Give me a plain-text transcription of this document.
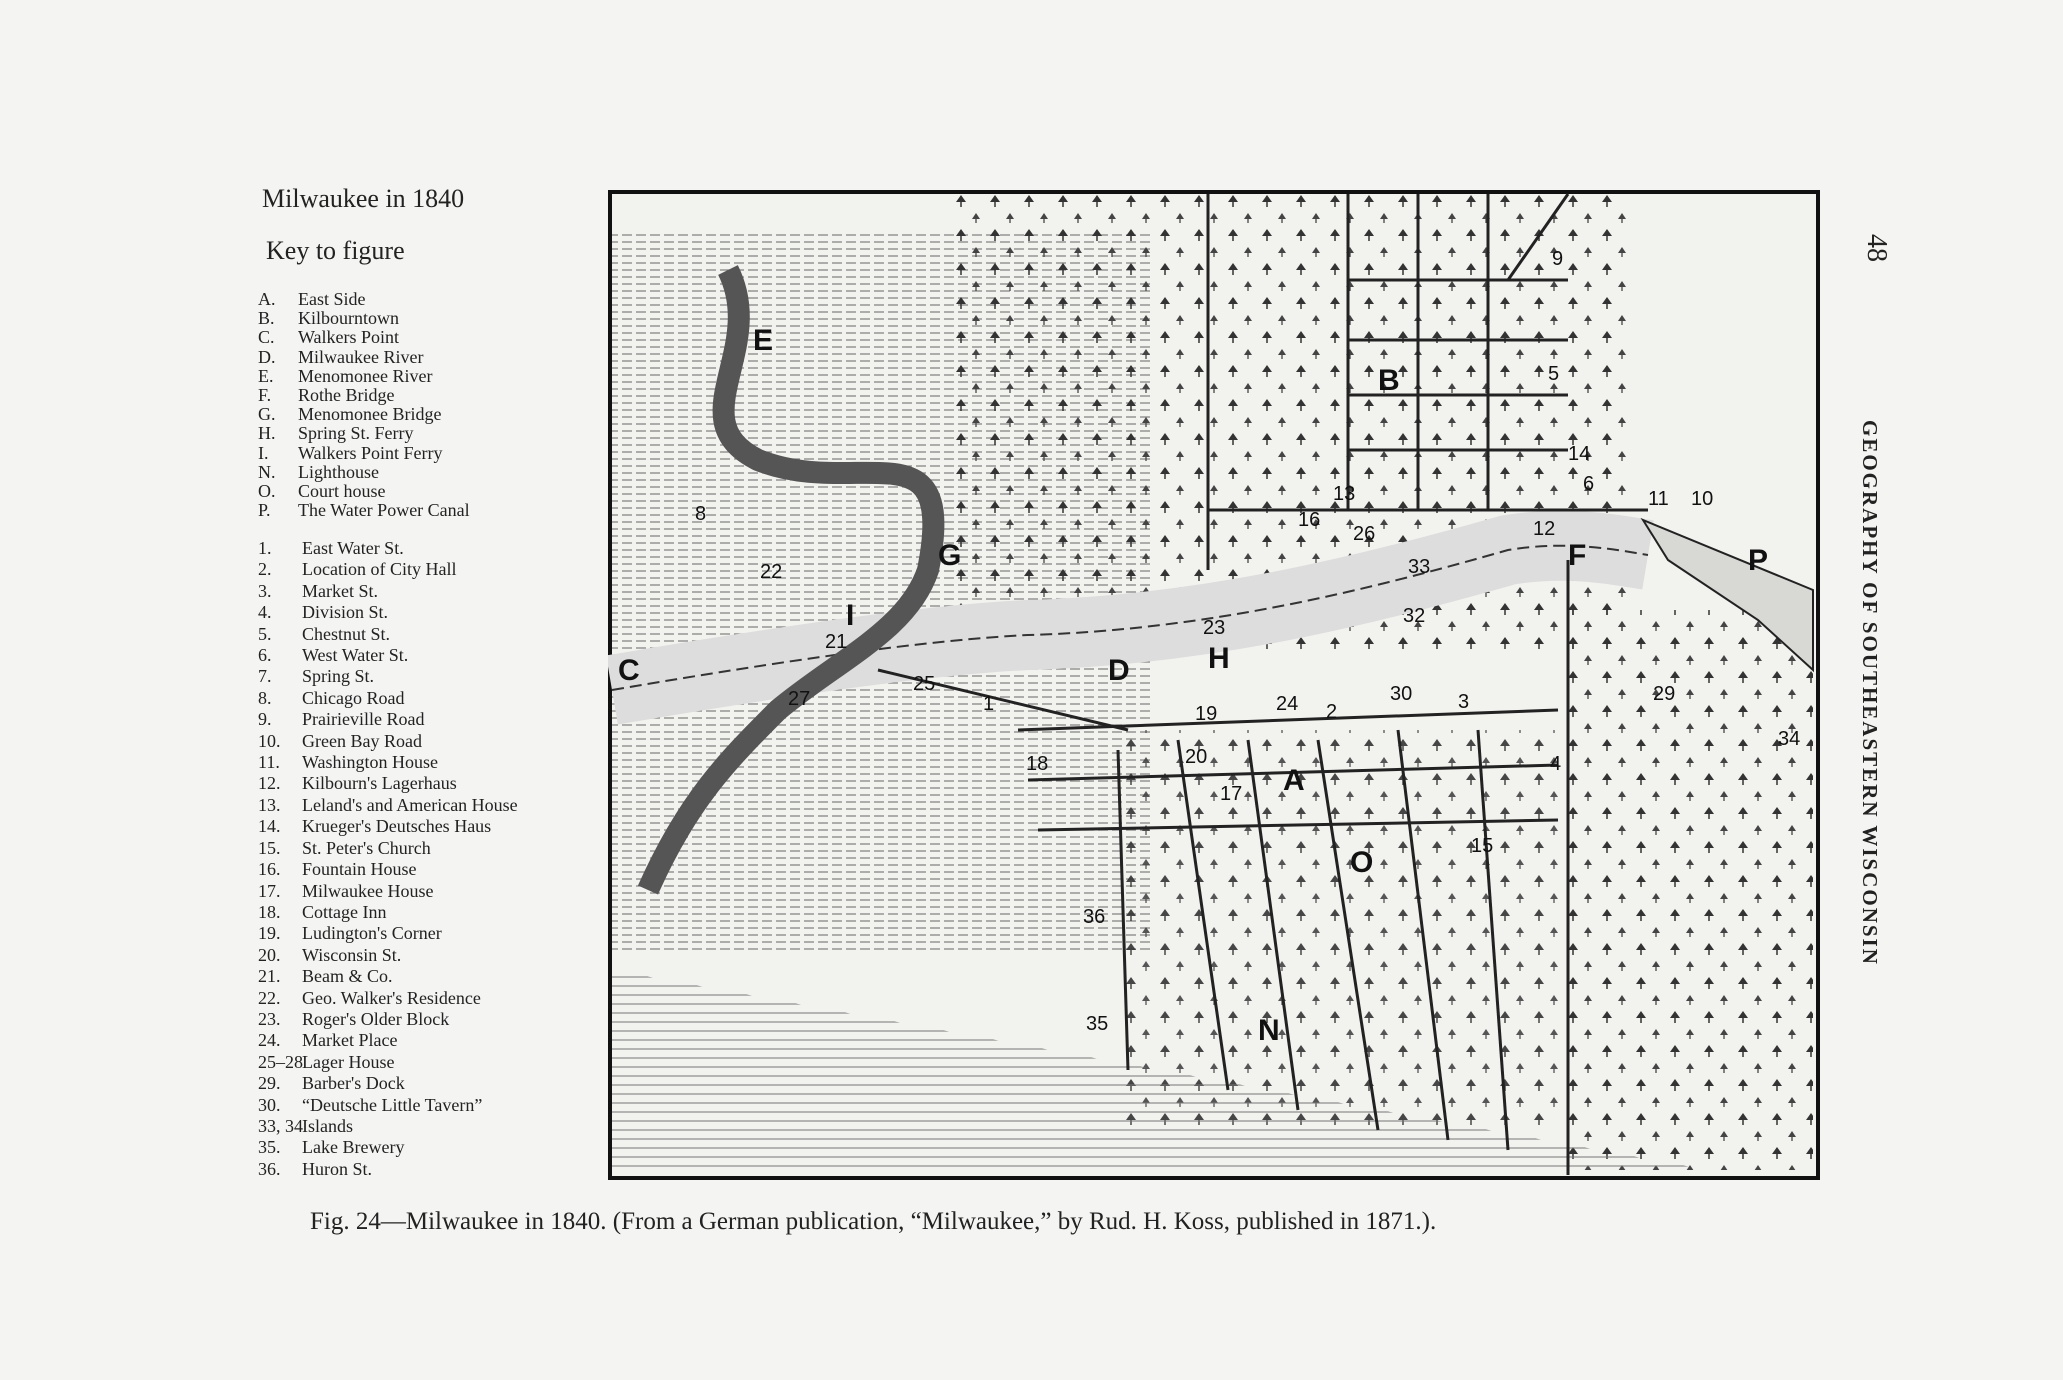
Milwaukee in 1840
Key to figure
A.	East Side
B.	Kilbourntown
C.	Walkers Point
D.	Milwaukee River
E.	Menomonee River
F.	Rothe Bridge
G.	Menomonee Bridge
H.	Spring St. Ferry
I.	Walkers Point Ferry
N.	Lighthouse
O.	Court house
P.	The Water Power Canal
1.	East Water St.
2.	Location of City Hall
3.	Market St.
4.	Division St.
5.	Chestnut St.
6.	West Water St.
7.	Spring St.
8.	Chicago Road
9.	Prairieville Road
10.	Green Bay Road
11.	Washington House
12.	Kilbourn's Lagerhaus
13.	Leland's and American House
14.	Krueger's Deutsches Haus
15.	St. Peter's Church
16.	Fountain House
17.	Milwaukee House
18.	Cottage Inn
19.	Ludington's Corner
20.	Wisconsin St.
21.	Beam & Co.
22.	Geo. Walker's Residence
23.	Roger's Older Block
24.	Market Place
25–28 Lager House
29.	Barber's Dock
30.	“Deutsche Little Tavern”
33, 34 Islands
35.	Lake Brewery
36.	Huron St.
A
B
C	D
E
F
G
H
I
N
O
P
14
2	3
4
5
6
8
9
10
11
12
13
15
16
17
18
19
20
21
22
23
24
25
26
27	29
30
32
33
34
35
36
1
Fig. 24—Milwaukee in 1840. (From a German publication, “Milwaukee,” by Rud. H. Koss, published in 1871.).
48
GEOGRAPHY OF SOUTHEASTERN WISCONSIN
